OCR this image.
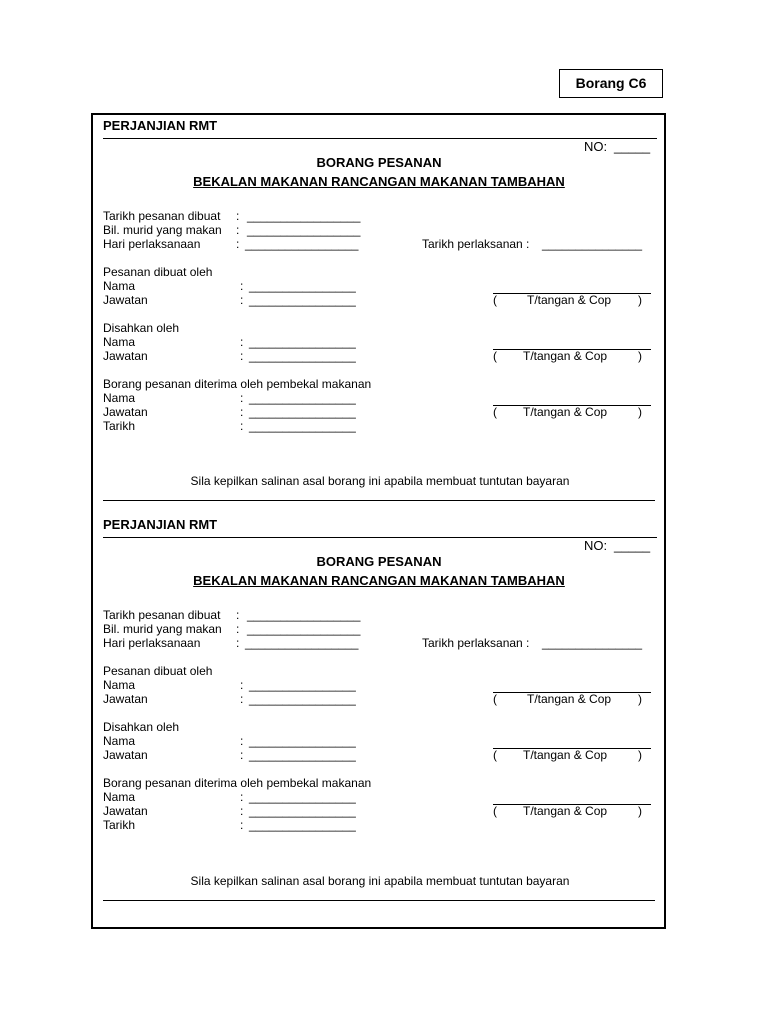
Borang C6
PERJANJIAN RMT
NO: _____
BORANG PESANAN
BEKALAN MAKANAN RANCANGAN MAKANAN TAMBAHAN
Tarikh pesanan dibuat : _________________
Bil. murid yang makan : _________________
Hari perlaksanaan	: _________________	Tarikh perlaksanan : _______________
Pesanan dibuat oleh
Nama	: ________________
Jawatan	: ________________	(	T/tangan & Cop )
Disahkan oleh
Nama	: ________________
Jawatan	: ________________	( T/tangan & Cop	)
Borang pesanan diterima oleh pembekal makanan
Nama	: ________________
Jawatan	: ________________	( T/tangan & Cop	)
Tarikh	: ________________
Sila kepilkan salinan asal borang ini apabila membuat tuntutan bayaran
PERJANJIAN RMT
NO: _____
BORANG PESANAN
BEKALAN MAKANAN RANCANGAN MAKANAN TAMBAHAN
Tarikh pesanan dibuat : _________________
Bil. murid yang makan : _________________
Hari perlaksanaan	: _________________	Tarikh perlaksanan : _______________
Pesanan dibuat oleh
Nama	: ________________
Jawatan	: ________________	(	T/tangan & Cop )
Disahkan oleh
Nama	: ________________
Jawatan	: ________________	( T/tangan & Cop	)
Borang pesanan diterima oleh pembekal makanan
Nama	: ________________
Jawatan	: ________________	( T/tangan & Cop	)
Tarikh	: ________________
Sila kepilkan salinan asal borang ini apabila membuat tuntutan bayaran
